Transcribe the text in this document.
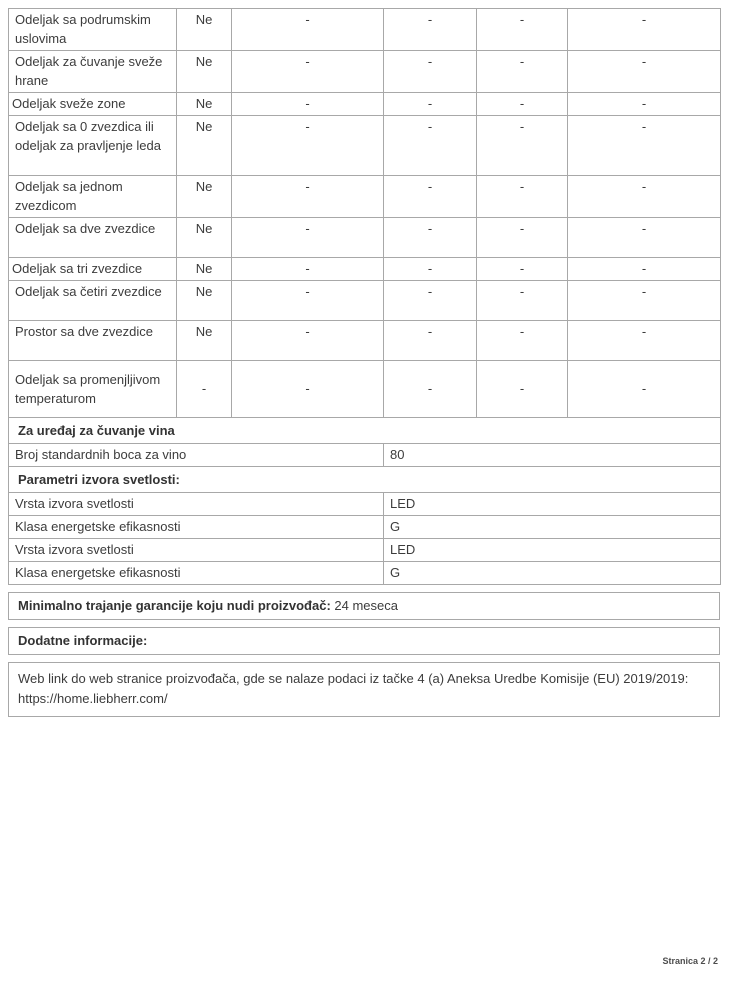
Odeljak sa podrumskim uslovima	Ne	-	-	-	-
Odeljak za čuvanje sveže hrane	Ne	-	-	-	-
Odeljak sveže zone	Ne	-	-	-	-
Odeljak sa 0 zvezdica ili odeljak za pravljenje leda	Ne	-	-	-	-
Odeljak sa jednom zvezdicom	Ne	-	-	-	-
Odeljak sa dve zvezdice	Ne	-	-	-	-
Odeljak sa tri zvezdice	Ne	-	-	-	-
Odeljak sa četiri zvezdice	Ne	-	-	-	-
Prostor sa dve zvezdice	Ne	-	-	-	-
Odeljak sa promenjljivom temperaturom	-	-	-	-	-
Za uređaj za čuvanje vina					
Broj standardnih boca za vino			80		
Parametri izvora svetlosti:					
Vrsta izvora svetlosti			LED		
Klasa energetske efikasnosti			G		
Vrsta izvora svetlosti			LED		
Klasa energetske efikasnosti			G		
Minimalno trajanje garancije koju nudi proizvođač: 24 meseca
Dodatne informacije:
Web link do web stranice proizvođača, gde se nalaze podaci iz tačke 4 (a) Aneksa Uredbe Komisije (EU) 2019/2019:  https://home.liebherr.com/
Stranica 2 / 2
